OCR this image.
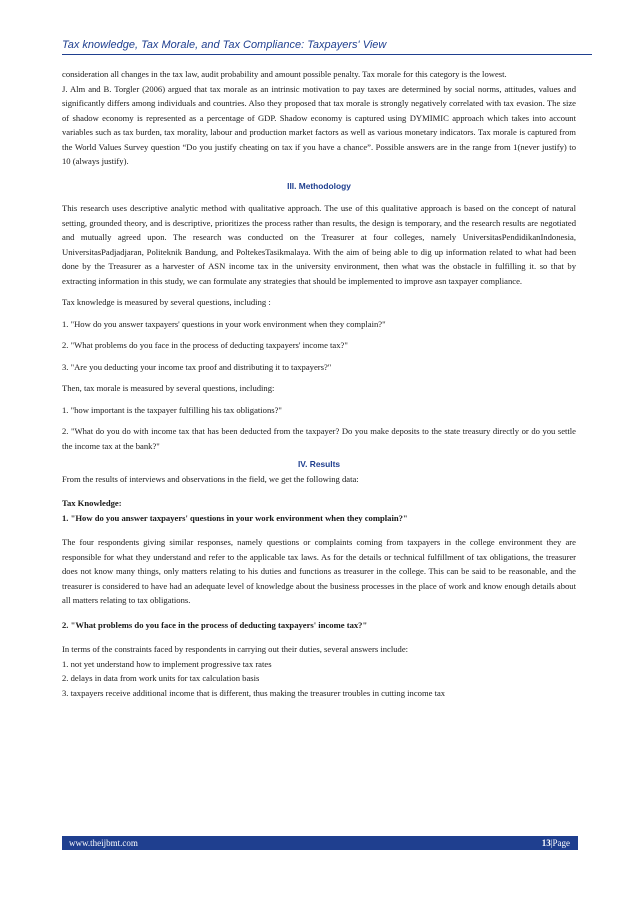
Tax knowledge, Tax Morale, and Tax Compliance: Taxpayers' View

consideration all changes in the tax law, audit probability and amount possible penalty. Tax morale for this category is the lowest.

J. Alm and B. Torgler (2006) argued that tax morale as an intrinsic motivation to pay taxes are determined by social norms, attitudes, values and significantly differs among individuals and countries. Also they proposed that tax morale is strongly negatively correlated with tax evasion. The size of shadow economy is represented as a percentage of GDP. Shadow economy is captured using DYMIMIC approach which takes into account variables such as tax burden, tax morality, labour and production market factors as well as various monetary indicators. Tax morale is captured from the World Values Survey question “Do you justify cheating on tax if you have a chance”. Possible answers are in the range from 1(never justify) to 10 (always justify).

III. Methodology

This research uses descriptive analytic method with qualitative approach. The use of this qualitative approach is based on the concept of natural setting, grounded theory, and is descriptive, prioritizes the process rather than results, the design is temporary, and the research results are negotiated and mutually agreed upon. The research was conducted on the Treasurer at four colleges, namely UniversitasPendidikanIndonesia, UniversitasPadjadjaran, Politeknik Bandung, and PoltekesTasikmalaya. With the aim of being able to dig up information related to what had been done by the Treasurer as a harvester of ASN income tax in the university environment, then what was the obstacle in fulfilling it. so that by extracting information in this study, we can formulate any strategies that should be implemented to improve asn taxpayer compliance.

Tax knowledge is measured by several questions, including :

1. "How do you answer taxpayers' questions in your work environment when they complain?"

2. "What problems do you face in the process of deducting taxpayers' income tax?"

3. "Are you deducting your income tax proof and distributing it to taxpayers?"

Then, tax morale is measured by several questions, including:

1. "how important is the taxpayer fulfilling his tax obligations?"

2. "What do you do with income tax that has been deducted from the taxpayer? Do you make deposits to the state treasury directly or do you settle the income tax at the bank?"

IV. Results

From the results of interviews and observations in the field, we get the following data:

Tax Knowledge:

1. "How do you answer taxpayers' questions in your work environment when they complain?"

The four respondents giving similar responses, namely questions or complaints coming from taxpayers in the college environment they are responsible for what they understand and refer to the applicable tax laws. As for the details or technical fulfillment of tax obligations, the treasurer does not know many things, only matters relating to his duties and functions as treasurer in the college. This can be said to be reasonable, and the treasurer is considered to have had an adequate level of knowledge about the business processes in the place of work and know enough details about all matters relating to tax obligations.

2. "What problems do you face in the process of deducting taxpayers' income tax?"

In terms of the constraints faced by respondents in carrying out their duties, several answers include:

1. not yet understand how to implement progressive tax rates

2. delays in data from work units for tax calculation basis

3. taxpayers receive additional income that is different, thus making the treasurer troubles in cutting income tax

www.theijbmt.com	13|Page
